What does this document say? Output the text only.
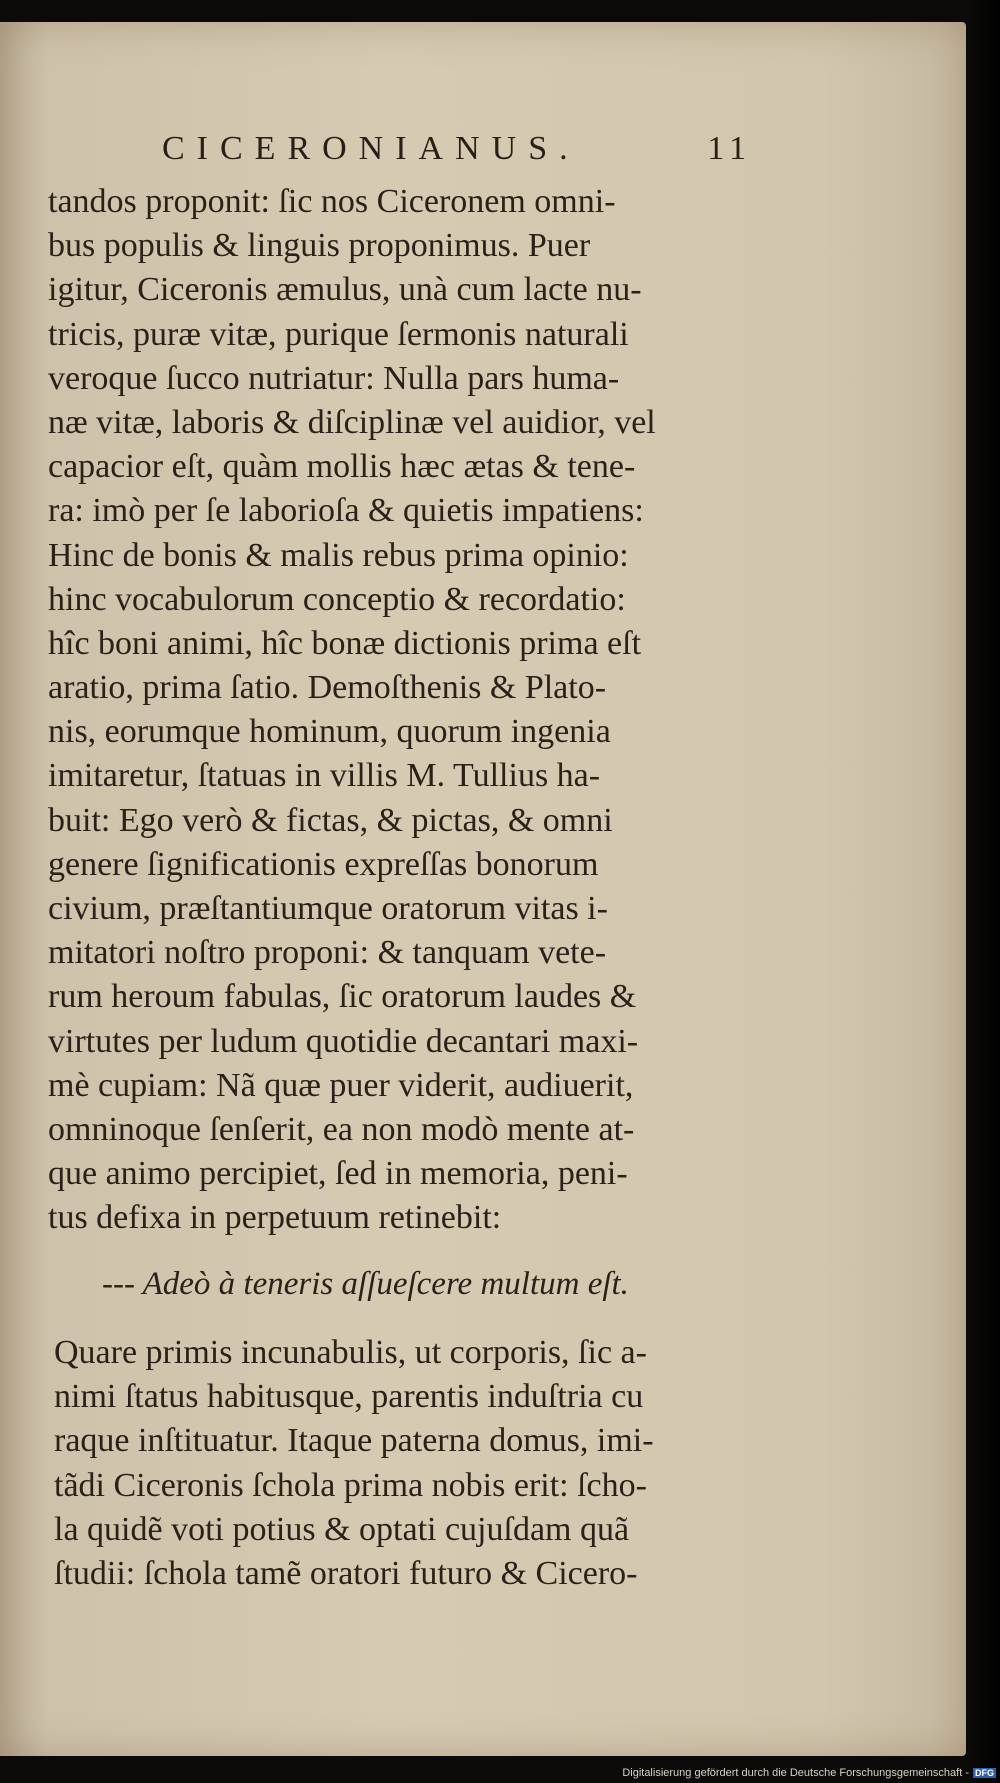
CICERONIANUS.	11
tandos proponit: ſic nos Ciceronem omni-
bus populis & linguis proponimus. Puer
igitur, Ciceronis æmulus, unà cum lacte nu-
tricis, puræ vitæ, purique ſermonis naturali
veroque ſucco nutriatur: Nulla pars huma-
næ vitæ, laboris & diſciplinæ vel auidior, vel
capacior eſt, quàm mollis hæc ætas & tene-
ra: imò per ſe laborioſa & quietis impatiens:
Hinc de bonis & malis rebus prima opinio:
hinc vocabulorum conceptio & recordatio:
hîc boni animi, hîc bonæ dictionis prima eſt
aratio, prima ſatio. Demoſthenis & Plato-
nis, eorumque hominum, quorum ingenia
imitaretur, ſtatuas in villis M. Tullius ha-
buit: Ego verò & fictas, & pictas, & omni
genere ſignificationis expreſſas bonorum
civium, præſtantiumque oratorum vitas i-
mitatori noſtro proponi: & tanquam vete-
rum heroum fabulas, ſic oratorum laudes &
virtutes per ludum quotidie decantari maxi-
mè cupiam: Nã quæ puer viderit, audiuerit,
omninoque ſenſerit, ea non modò mente at-
que animo percipiet, ſed in memoria, peni-
tus defixa in perpetuum retinebit:
--- Adeò à teneris aſſueſcere multum eſt.
Quare primis incunabulis, ut corporis, ſic a-
nimi ſtatus habitusque, parentis induſtria cu
raque inſtituatur. Itaque paterna domus, imi-
tãdi Ciceronis ſchola prima nobis erit: ſcho-
la quidẽ voti potius & optati cujuſdam quã
ſtudii: ſchola tamẽ oratori futuro & Cicero-
Digitalisierung gefördert durch die Deutsche Forschungsgemeinschaft - DFG
